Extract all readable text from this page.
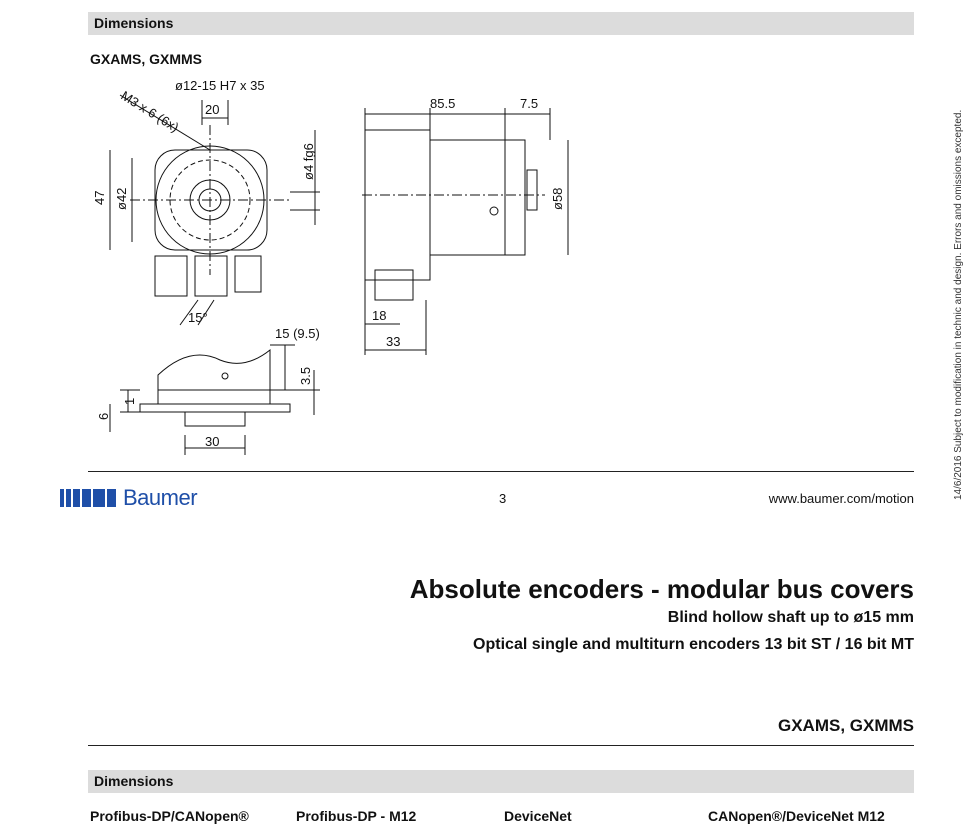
Dimensions
GXAMS, GXMMS
ø12-15 H7 x 35
M3 x 6 (6x) 20
47 ø42
ø4 fg6
15°
15 (9.5)
3.5
1
6
30
85.5	7.5
ø58
18
33
Baumer	3	www.baumer.com/motion	14/6/2016 Subject to modification in technic and design. Errors and omissions excepted.
Absolute encoders - modular bus covers
Blind hollow shaft up to ø15 mm
Optical single and multiturn encoders 13 bit ST / 16 bit MT
GXAMS, GXMMS
Dimensions
Profibus-DP/CANopen®	Profibus-DP - M12	DeviceNet	CANopen®/DeviceNet M12
